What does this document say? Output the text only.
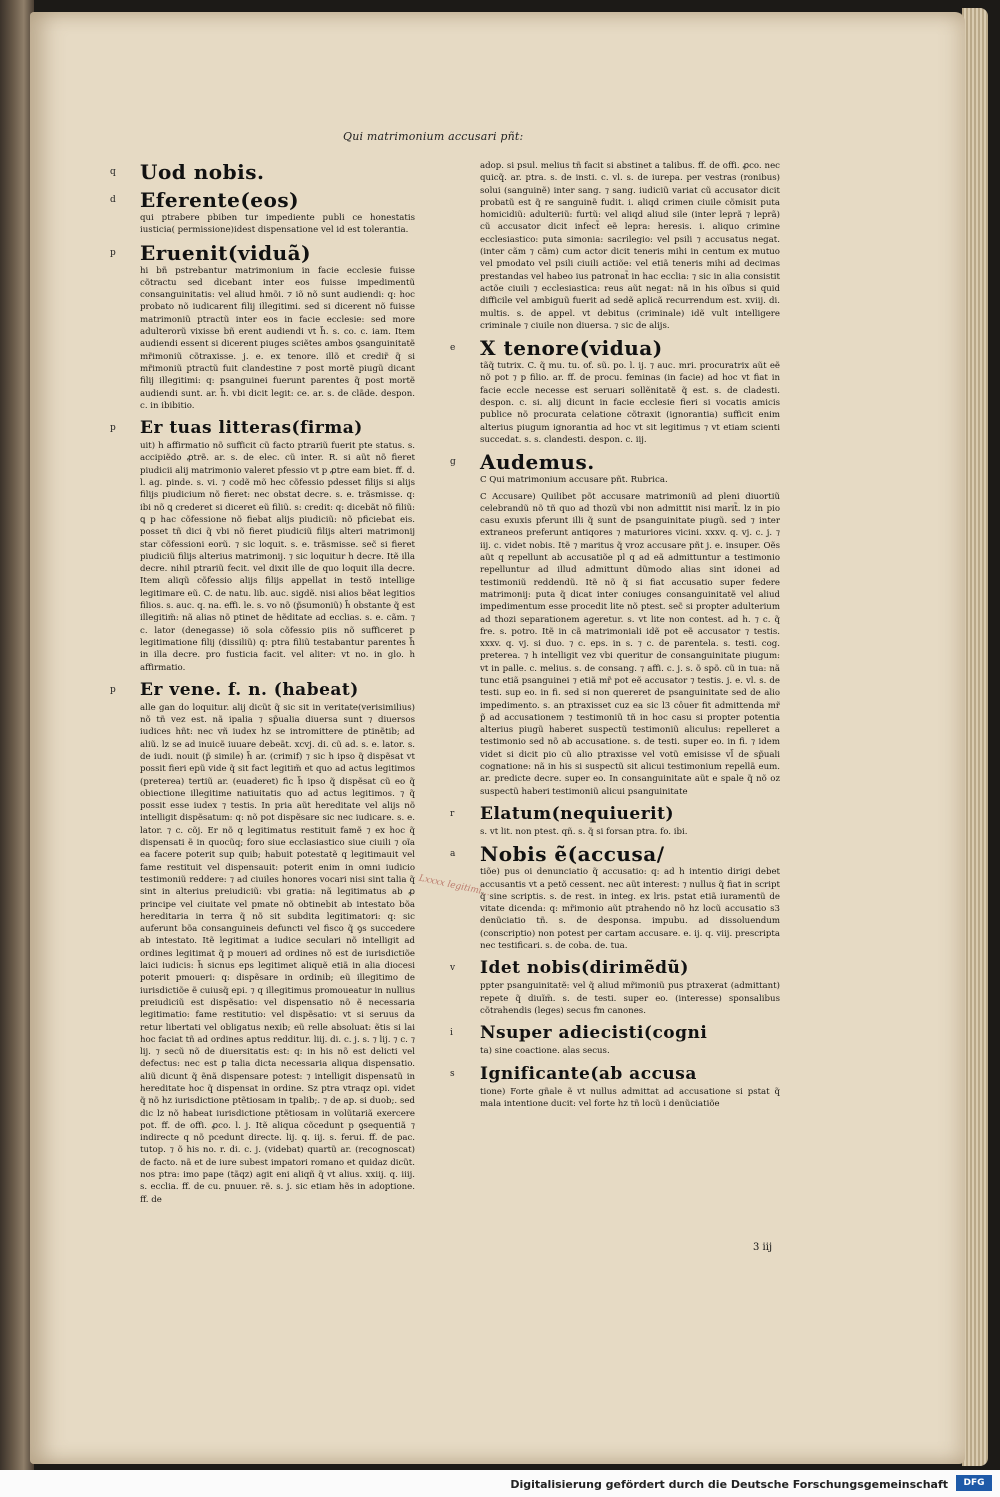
Qui matrimonium accusari pñt:
q Uod nobis.
d Eferente(eos)
qui ptrabere pbiben tur impediente publi ce honestatis iusticia( permissione)idest dispensatione vel id est tolerantia.
p Eruenit(viduã)
hi bñ pstrebantur matrimonium in facie ecclesie fuisse cõtractu sed dicebant inter eos fuisse impedimentũ consanguinitatis: vel aliud hmõi. ⁊ iõ nõ sunt audiendi: q: hoc probato nõ iudicarent filij illegitimi. sed si dicerent nõ fuisse matrimoniũ ptractũ inter eos in facie ecclesie: sed more adulterorũ vixisse bñ erent audiendi vt h̃. s. co. c. iam. Item audiendi essent si dicerent piuges sciẽtes ambos ꝯsanguinitatẽ mr̃imoniũ cõtraxisse. j. e. ex tenore. illõ et credir̃ q̃ si mr̃imoniũ ptractũ fuit clandestine ⁊ post mortẽ piugũ dicant filij illegitimi: q: psanguinei fuerunt parentes q̃ post mortẽ audiendi sunt. ar. h̃. vbi dicit legit: ce. ar. s. de clãde. despon. c. in ibibitio.
p Er tuas litteras(firma)
uit) h affirmatio nõ sufficit cũ facto ptrariũ fuerit pte status. s. accipiẽdo ꝓtrẽ. ar. s. de elec. cũ inter. R. si aũt nõ fieret piudicii alij matrimonio valeret pfessio vt p ꝓtre eam biet. ff. d. l. ag. pinde. s. vi. ⁊ codẽ mõ hec cõfessio pdesset filijs si alijs filijs piudicium nõ fieret: nec obstat decre. s. e. trãsmisse. q: ibi nõ ꝗ crederet si diceret eũ filiũ. s: credit: q: dicebãt nõ filiũ: ꝗ p hac cõfessione nõ fiebat alijs piudiciũ: nõ pficiebat eis. posset tñ dici q̃ vbi nõ fieret piudiciũ filijs alteri matrimonij star cõfessioni eorũ. ⁊ sic loquit. s. e. trãsmisse. sec̃ si fieret piudiciũ filijs alterius matrimonij. ⁊ sic loquitur h decre. Itẽ illa decre. nihil ptrariũ fecit. vel dixit ille de quo loquit illa decre. Item aliqũ cõfessio alijs filijs appellat in testõ intellige legitimare eũ. C. de natu. lib. auc. sigdẽ. nisi alios bẽat legitios filios. s. auc. q. na. effi. le. s. vo nõ (p̃sumoniũ) h̃ obstante q̃ est illegitim̃: nã alias nõ ptinet de hẽditate ad ecclias. s. e. cãm. ⁊ c. lator (denegasse) iõ sola cõfessio piis nõ sufficeret p legitimatione filij (dissiliũ) q: ptra filiũ testabantur parentes h̃ in illa decre. pro fusticia facit. vel aliter: vt no. in glo. h affirmatio.
p Er vene. f. n. (habeat)
alle gan do loquitur. alij dicũt q̃ sic sit in veritate(verisimilius) nõ tñ vez est. nã ipalia ⁊ sp̃ualia diuersa sunt ⁊ diuersos iudices hñt: nec vñ iudex hz se intromittere de ptinẽtib; ad aliũ. lz se ad inuicẽ iuuare debeãt. xcvj. di. cũ ad. s. e. lator. s. de iudi. nouit (p̃ simile) h̃ ar. (crimif) ⁊ sic h ipso q̃ dispẽsat vt possit fieri epũ vide q̃ sit fact legitim̃ et quo ad actus legitimos (preterea) tertiũ ar. (euaderet) fic h̃ ipso q̃ dispẽsat cũ eo q̃ obiectione illegitime natiuitatis quo ad actus legitimos. ⁊ q̃ possit esse iudex ⁊ testis. In pria aũt hereditate vel alijs nõ intelligit dispẽsatum: q: nõ pot dispẽsare sic nec iudicare. s. e. lator. ⁊ c. cõj. Er nõ q legitimatus restituit famẽ ⁊ ex hoc q̃ dispensati ẽ in quocũq; foro siue ecclasiastico siue ciuili ⁊ oĩa ea facere poterit sup quib; habuit potestatẽ q legitimauit vel fame restituit vel dispensauit: poterit enim in omni iudicio testimoniũ reddere: ⁊ ad ciuiles honores vocari nisi sint talia q̃ sint in alterius preiudiciũ: vbi gratia: nã legitimatus ab ꝓ principe vel ciuitate vel pmate nõ obtinebit ab intestato bõa hereditaria in terra q̃ nõ sit subdita legitimatori: q: sic auferunt bõa consanguineis defuncti vel fisco q̃ ꝯs succedere ab intestato. Itẽ legitimat a iudice seculari nõ intelligit ad ordines legitimat q̃ p moueri ad ordines nõ est de iurisdictiõe laici iudicis: h̃ sicnus eps legitimet aliquẽ etiã in alia diocesi poterit pmoueri: q: dispẽsare in ordinib; eũ illegitimo de iurisdictiõe ẽ cuiusq̃ epi. ⁊ q illegitimus promoueatur in nullius preiudiciũ est dispẽsatio: vel dispensatio nõ ẽ necessaria legitimatio: fame restitutio: vel dispẽsatio: vt si seruus da retur libertati vel obligatus nexib; eũ relle absoluat: ẽtis si lai hoc faciat tñ ad ordines aptus redditur. liij. di. c. j. s. ⁊ lij. ⁊ c. ⁊ lij. ⁊ secũ nõ de diuersitatis est: q: in his nõ est delicti vel defectus: nec est ꝑ talia dicta necessaria aliqua dispensatio. aliũ dicunt q̃ ẽnã dispensare potest: ⁊ intelligit dispensatũ in hereditate hoc q̃ dispensat in ordine. Sz ptra vtraqz opi. videt q̃ nõ hz iurisdictione ptẽtiosam in tpalib;. ⁊ de ap. si duob;. sed dic lz nõ habeat iurisdictione ptẽtiosam in volũtariã exercere pot. ff. de offi. ꝓco. l. j. Itẽ aliqua cõcedunt p ꝯsequentiã ⁊ indirecte q nõ pcedunt directe. lij. q. iij. s. ferui. ff. de pac. tutop. ⁊ õ his no. r. di. c. j. (videbat) quartũ ar. (recognoscat) de facto. nã et de iure subest impatori romano et quidaz dicũt. nos ptra: imo pape (tãqz) agit eni aliqñ q̃ vt alius. xxiij. q. iiij. s. ecclia. ff. de cu. pnuuer. rẽ. s. j. sic etiam hẽs in adoptione. ff. de
adop. si psul. melius tñ facit si abstinet a talibus. ff. de offi. ꝓco. nec quicq̃. ar. ptra. s. de insti. c. vl. s. de iurepa. per vestras (ronibus) solui (sanguinẽ) inter sang. ⁊ sang. iudiciũ variat cũ accusator dicit probatũ est q̃ re sanguinẽ fudit. i. aliqd crimen ciuile cõmisit puta homicidiũ: adulteriũ: furtũ: vel aliqd aliud sile (inter leprã ⁊ leprã) cũ accusator dicit infect̃ eẽ lepra: heresis. i. aliquo crimine ecclesiastico: puta simonia: sacrilegio: vel psili ⁊ accusatus negat. (inter cãm ⁊ cãm) cum actor dicit teneris mihi in centum ex mutuo vel pmodato vel psili ciuili actiõe: vel etiã teneris mihi ad decimas prestandas vel habeo ius patronat̃ in hac ecclia: ⁊ sic in alia consistit actõe ciuili ⁊ ecclesiastica: reus aũt negat: nã in his oĩbus si quid difficile vel ambiguũ fuerit ad sedẽ aplicã recurrendum est. xviij. di. multis. s. de appel. vt debitus (criminale) idẽ vult intelligere criminale ⁊ ciuile non diuersa. ⁊ sic de alijs.
e X tenore(vidua)
tãq̃ tutrix. C. q̃ mu. tu. of. sũ. po. l. ij. ⁊ auc. mri. procuratrix aũt eẽ nõ pot ⁊ p filio. ar. ff. de procu. feminas (in facie) ad hoc vt fiat in facie eccle necesse est seruari sollẽnitatẽ q̃ est. s. de cladesti. despon. c. si. alij dicunt in facie ecclesie fieri si vocatis amicis publice nõ procurata celatione cõtraxit (ignorantia) sufficit enim alterius piugum ignorantia ad hoc vt sit legitimus ⁊ vt etiam scienti succedat. s. s. clandesti. despon. c. iij.
g Audemus.
C Qui matrimonium accusare pñt. Rubrica.
C Accusare) Quilibet põt accusare matrimoniũ ad pleni diuortiũ celebrandũ nõ tñ quo ad thozũ vbi non admittit nisi marit̃. lz in pio casu exuxis pferunt illi q̃ sunt de psanguinitate piugũ. sed ⁊ inter extraneos preferunt antiqores ⁊ maturiores vicini. xxxv. q. vj. c. j. ⁊ iij. c. videt nobis. Itẽ ⁊ maritus q̃ vroz accusare pñt j. e. insuper. Oẽs aũt q repellunt ab accusatiõe pl q ad eã admittuntur a testimonio repelluntur ad illud admittunt dũmodo alias sint idonei ad testimoniũ reddendũ. Itẽ nõ q̃ si fiat accusatio super federe matrimonij: puta q̃ dicat inter coniuges consanguinitatẽ vel aliud impedimentum esse procedit lite nõ ptest. sec̃ si propter adulterium ad thozi separationem ageretur. s. vt lite non contest. ad h. ⁊ c. q̃ fre. s. potro. Itẽ in cã matrimoniali idẽ pot eẽ accusator ⁊ testis. xxxv. q. vj. si duo. ⁊ c. eps. in s. ⁊ c. de parentela. s. testi. cog. preterea. ⁊ h intelligit vez vbi queritur de consanguinitate piugum: vt in palle. c. melius. s. de consang. ⁊ affi. c. j. s. õ spõ. cũ in tua: nã tunc etiã psanguinei ⁊ etiã mr̃ pot eẽ accusator ⁊ testis. j. e. vl. s. de testi. sup eo. in fi. sed si non quereret de psanguinitate sed de alio impedimento. s. an ptraxisset cuz ea sic l3 côuer fit admittenda mr̃ p̃ ad accusationem ⁊ testimoniũ tñ in hoc casu si propter potentia alterius piugũ haberet suspectũ testimoniũ aliculus: repelleret a testimonio sed nõ ab accusatione. s. de testi. super eo. in fi. ⁊ idem videt si dicit pio cũ alio ptraxisse vel votũ emisisse vl̃ de sp̃uali cognatione: nã in his si suspectũ sit alicui testimonium repellã eum. ar. predicte decre. super eo. In consanguinitate aũt e spale q̃ nõ oz suspectũ haberi testimoniũ alicui psanguinitate
r Elatum(nequiuerit)
s. vt lit. non ptest. qñ. s. q̃ si forsan ptra. fo. ibi.
a Nobis ẽ(accusa/
tiõe) pus oi denunciatio q̃ accusatio: q: ad h intentio dirigi debet accusantis vt a petõ cessent. nec aũt interest: ⁊ nullus q̃ fiat in script q̃ sine scriptis. s. de rest. in integ. ex lris. pstat etiã iuramentũ de vitate dicenda: q: mr̃imonio aũt ptrahendo nõ hz locũ accusatio s3 denũciatio tñ. s. de desponsa. impubu. ad dissoluendum (conscriptio) non potest per cartam accusare. e. ij. q. viij. prescripta nec testificari. s. de coba. de. tua.
v Idet nobis(dirimẽdũ)
ppter psanguinitatẽ: vel q̃ aliud mr̃imoniũ pus ptraxerat (admittant) repete q̃ diuĩm̃. s. de testi. super eo. (interesse) sponsalibus cõtrahendis (leges) secus fm canones.
i Nsuper adiecisti(cogni
ta) sine coactione. alas secus.
s Ignificante(ab accusa
tione) Forte gñale ẽ vt nullus admittat ad accusatione si pstat q̃ mala intentione ducit: vel forte hz tñ locũ i denũciatiõe
Lxxxx legitimi...
3 iij
Digitalisierung gefördert durch die Deutsche Forschungsgemeinschaft	DFG
